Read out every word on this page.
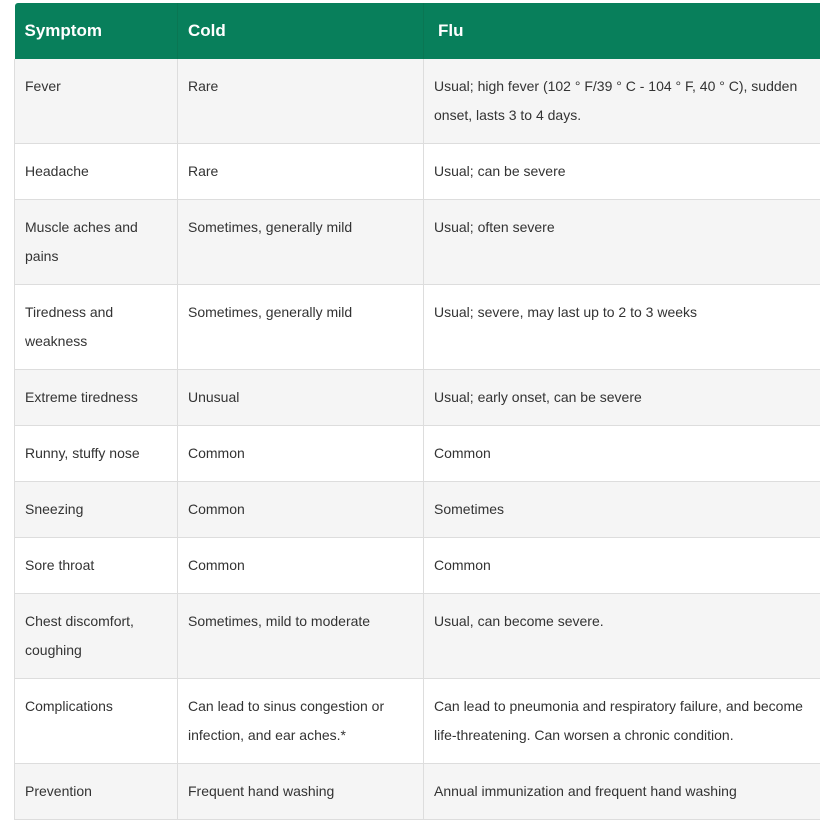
Symptom	Cold	Flu
Fever	Rare	Usual; high fever (102 ° F/39 ° C - 104 ° F, 40 ° C), sudden onset, lasts 3 to 4 days.
Headache	Rare	Usual; can be severe
Muscle aches and pains	Sometimes, generally mild	Usual; often severe
Tiredness and weakness	Sometimes, generally mild	Usual; severe, may last up to 2 to 3 weeks
Extreme tiredness	Unusual	Usual; early onset, can be severe
Runny, stuffy nose	Common	Common
Sneezing	Common	Sometimes
Sore throat	Common	Common
Chest discomfort, coughing	Sometimes, mild to moderate	Usual, can become severe.
Complications	Can lead to sinus congestion or infection, and ear aches.*	Can lead to pneumonia and respiratory failure, and become life-threatening. Can worsen a chronic condition.
Prevention	Frequent hand washing	Annual immunization and frequent hand washing
